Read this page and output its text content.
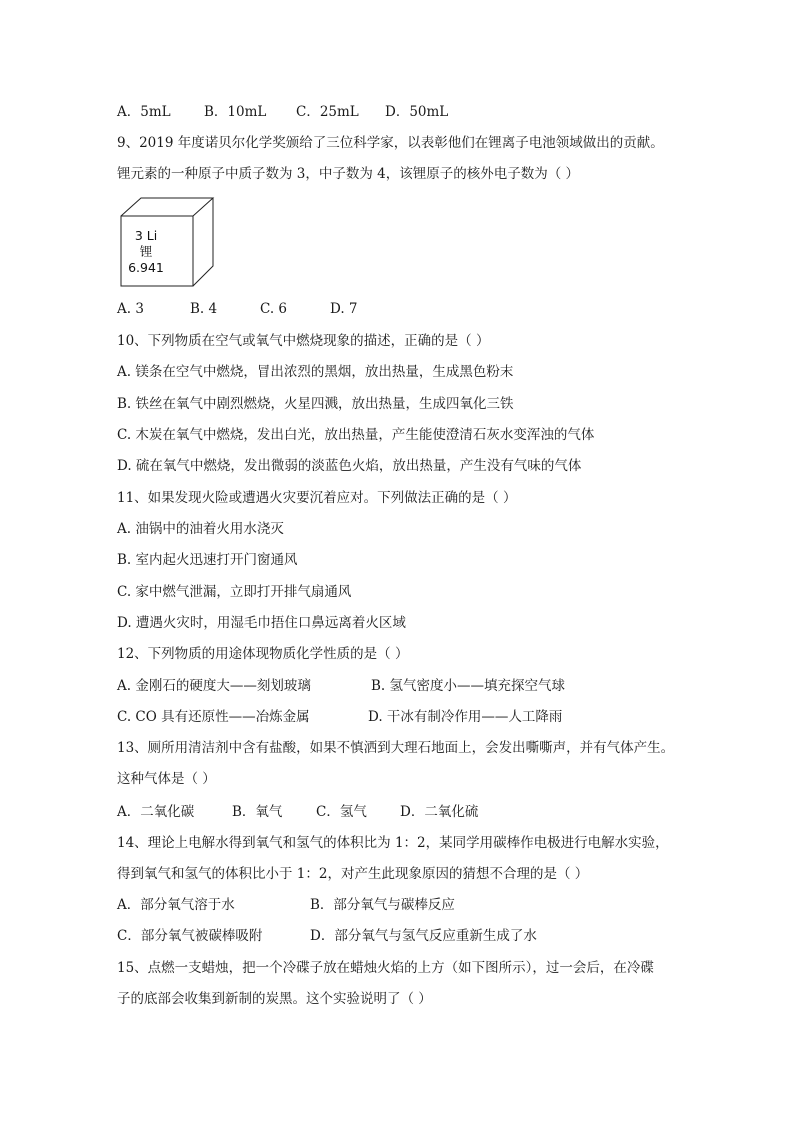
A．5mL B．10mL C．25mL D．50mL
9、2019 年度诺贝尔化学奖颁给了三位科学家，以表彰他们在锂离子电池领域做出的贡献。
锂元素的一种原子中质子数为 3，中子数为 4，该锂原子的核外电子数为（ ）
3 Li
锂
6.941
A. 3	B. 4	C. 6	D. 7
10、下列物质在空气或氧气中燃烧现象的描述，正确的是（ ）
A. 镁条在空气中燃烧，冒出浓烈的黑烟，放出热量，生成黑色粉末
B. 铁丝在氧气中剧烈燃烧，火星四溅，放出热量，生成四氧化三铁
C. 木炭在氧气中燃烧，发出白光，放出热量，产生能使澄清石灰水变浑浊的气体
D. 硫在氧气中燃烧，发出微弱的淡蓝色火焰，放出热量，产生没有气味的气体
11、如果发现火险或遭遇火灾要沉着应对。下列做法正确的是（ ）
A. 油锅中的油着火用水浇灭
B. 室内起火迅速打开门窗通风
C. 家中燃气泄漏，立即打开排气扇通风
D. 遭遇火灾时，用湿毛巾捂住口鼻远离着火区域
12、下列物质的用途体现物质化学性质的是（ ）
A. 金刚石的硬度大——刻划玻璃	B. 氢气密度小——填充探空气球
C. CO 具有还原性——冶炼金属	D. 干冰有制冷作用——人工降雨
13、厕所用清洁剂中含有盐酸，如果不慎洒到大理石地面上，会发出嘶嘶声，并有气体产生。
这种气体是（ ）
A．二氧化碳	B．氧气 C．氢气 D．二氧化硫
14、理论上电解水得到氧气和氢气的体积比为 1：2，某同学用碳棒作电极进行电解水实验，
得到氧气和氢气的体积比小于 1：2，对产生此现象原因的猜想不合理的是（ ）
A．部分氧气溶于水	B．部分氧气与碳棒反应
C．部分氧气被碳棒吸附	D．部分氧气与氢气反应重新生成了水
15、点燃一支蜡烛，把一个冷碟子放在蜡烛火焰的上方（如下图所示），过一会后，在冷碟
子的底部会收集到新制的炭黑。这个实验说明了（ ）
